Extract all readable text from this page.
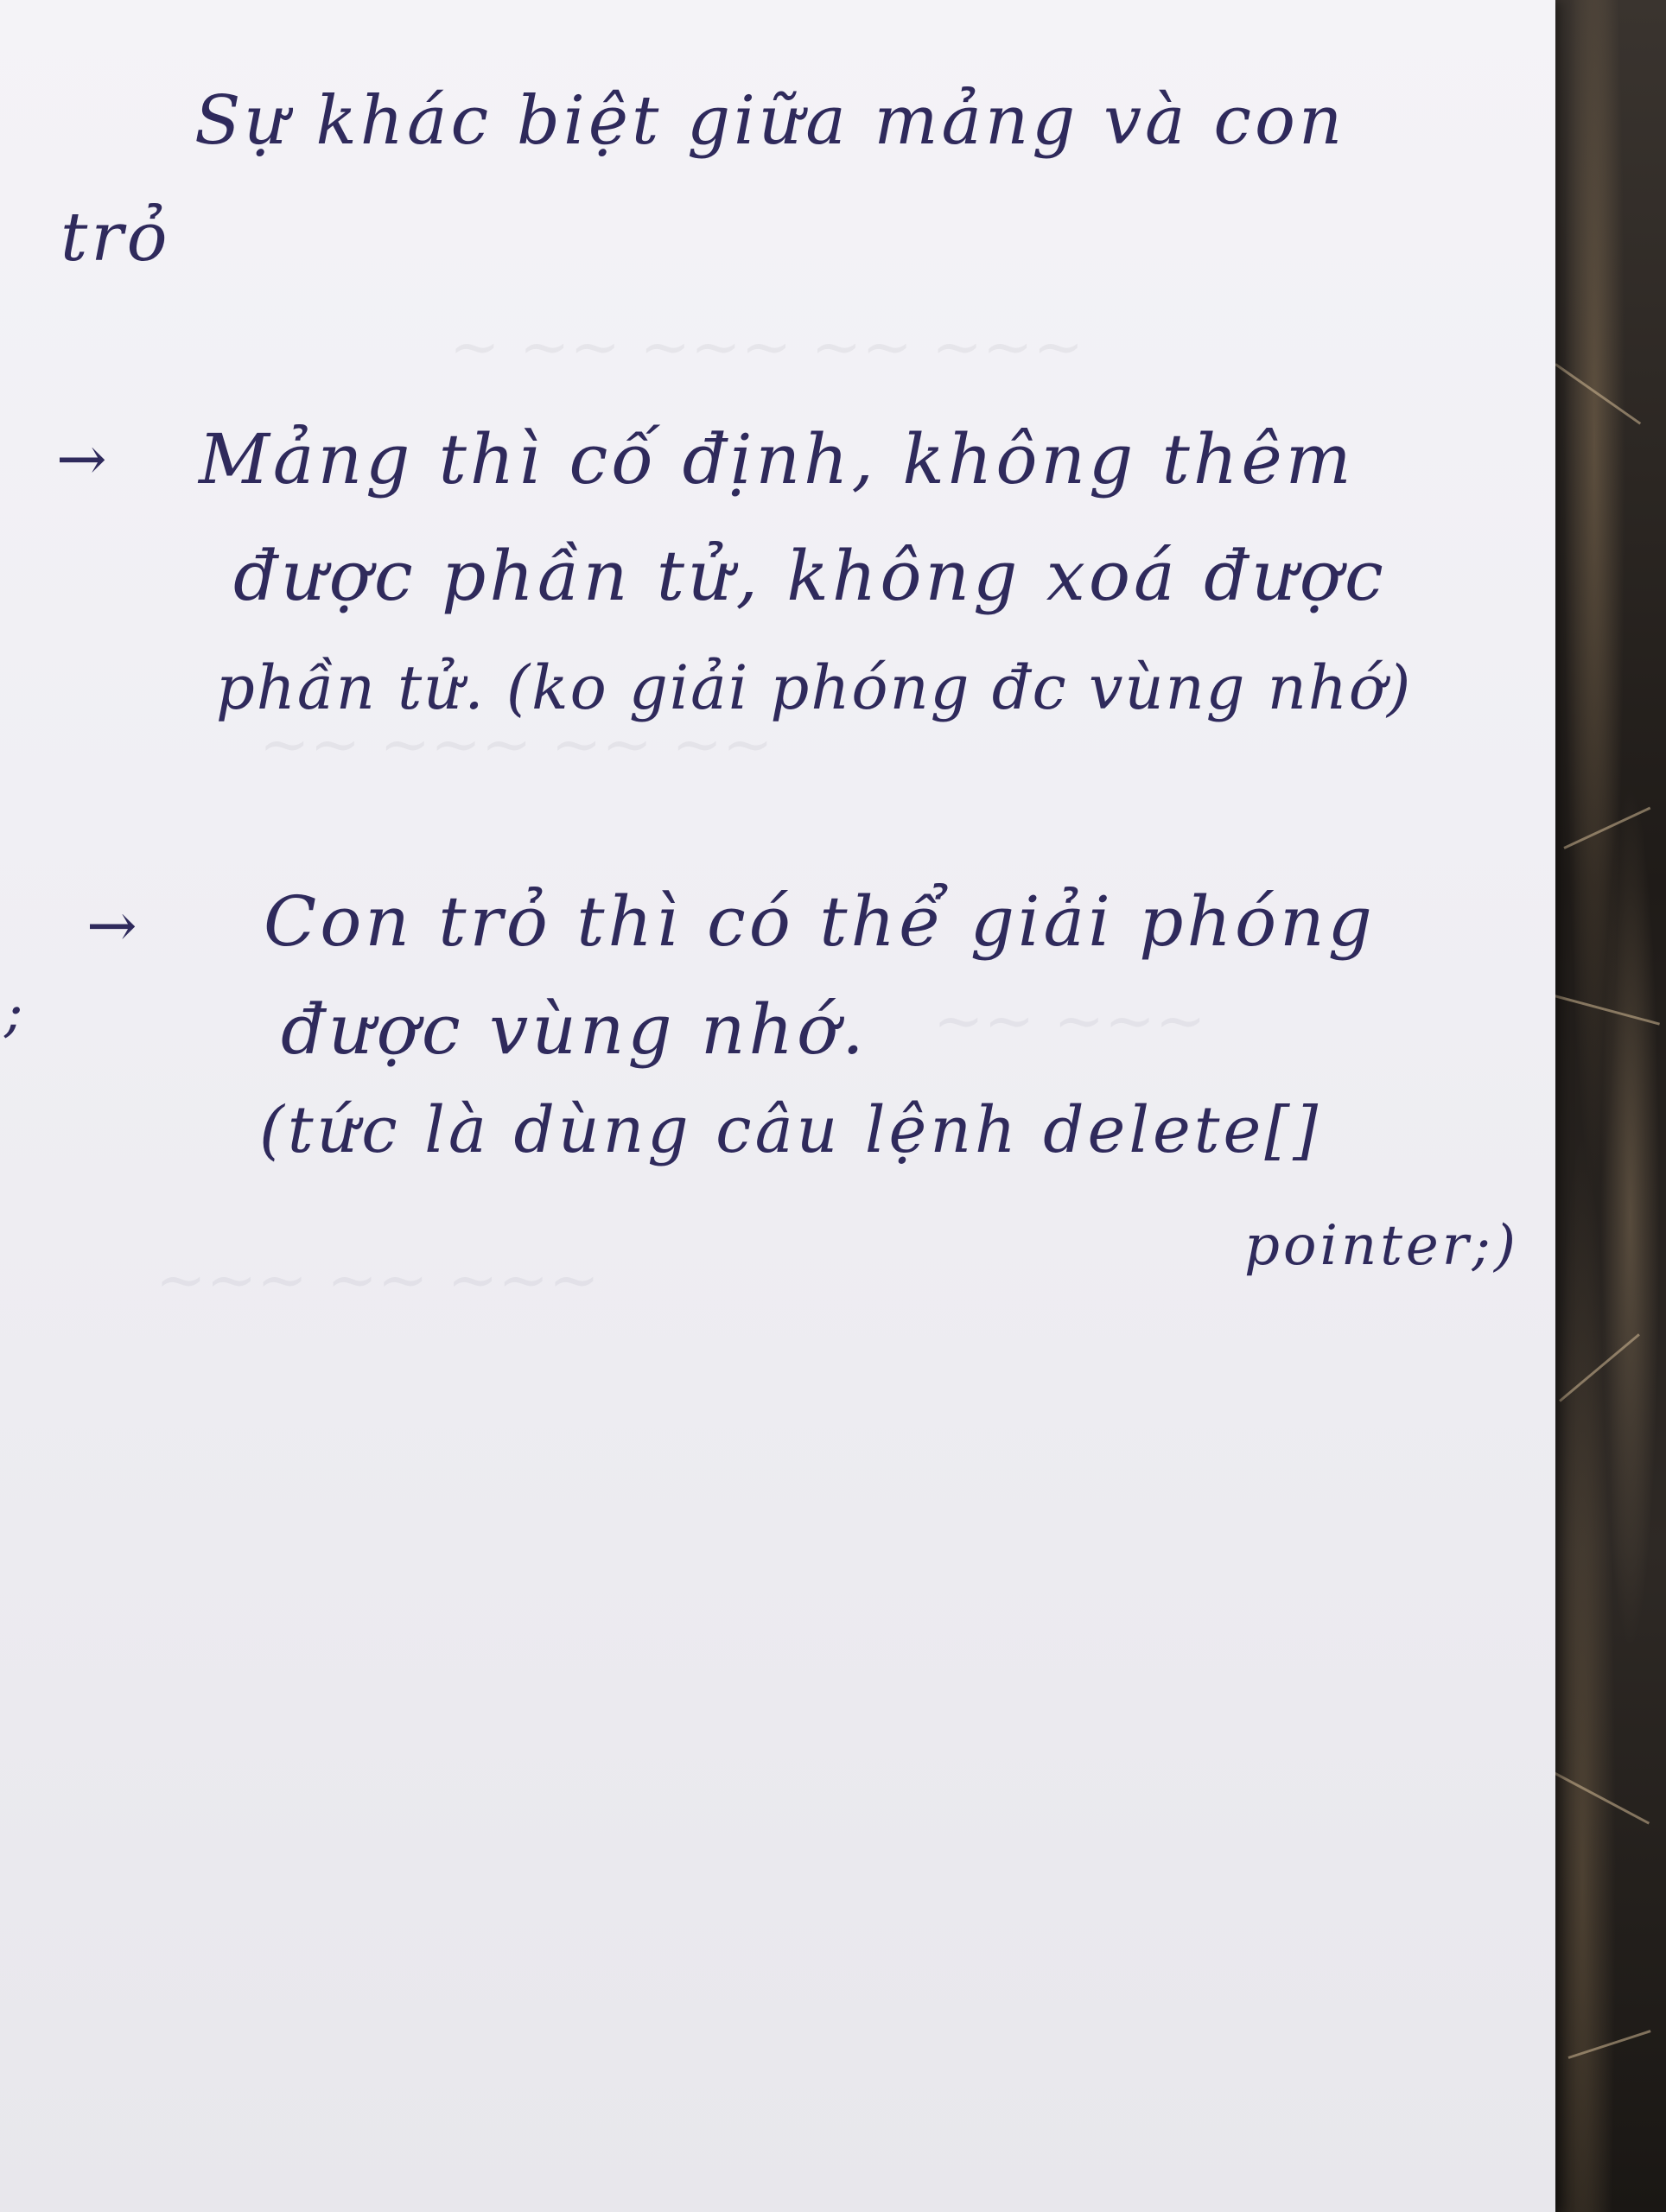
~ ~~ ~~~ ~~ ~~~
~~ ~~~ ~~ ~~
~~ ~~~
~~~ ~~ ~~~
Sự khác biệt giữa mảng và con
trỏ
→ Mảng thì cố định, không thêm
được phần tử, không xoá được
phần tử. (ko giải phóng đc vùng nhớ)
→ Con trỏ thì có thể giải phóng
;	được vùng nhớ.
(tức là dùng câu lệnh delete[]
pointer;)
